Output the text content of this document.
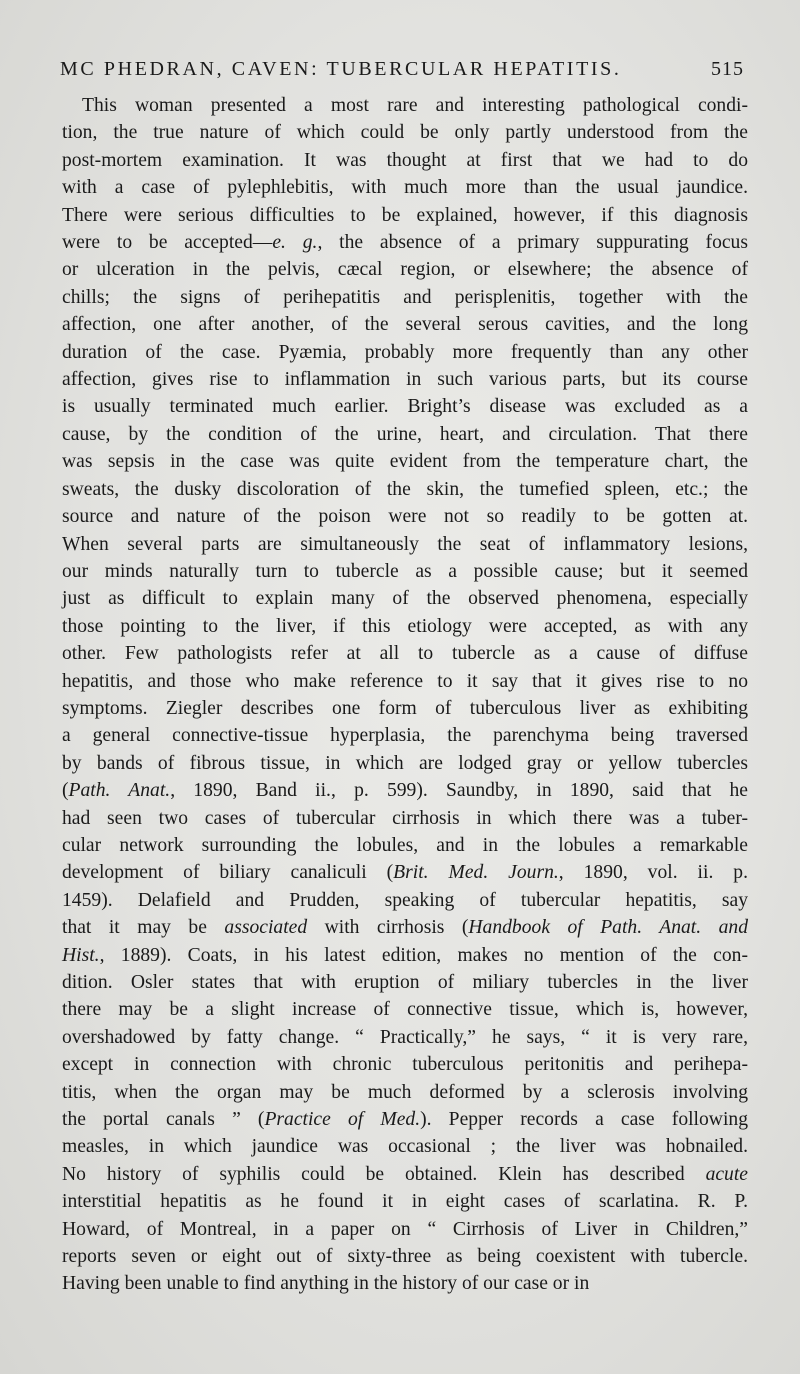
MC PHEDRAN, CAVEN: TUBERCULAR HEPATITIS.	515
This woman presented a most rare and interesting pathological condi-
tion, the true nature of which could be only partly understood from the
post-mortem examination. It was thought at first that we had to do
with a case of pylephlebitis, with much more than the usual jaundice.
There were serious difficulties to be explained, however, if this diagnosis
were to be accepted—e. g., the absence of a primary suppurating focus
or ulceration in the pelvis, cæcal region, or elsewhere; the absence of
chills; the signs of perihepatitis and perisplenitis, together with the
affection, one after another, of the several serous cavities, and the long
duration of the case. Pyæmia, probably more frequently than any other
affection, gives rise to inflammation in such various parts, but its course
is usually terminated much earlier. Bright’s disease was excluded as a
cause, by the condition of the urine, heart, and circulation. That there
was sepsis in the case was quite evident from the temperature chart, the
sweats, the dusky discoloration of the skin, the tumefied spleen, etc.; the
source and nature of the poison were not so readily to be gotten at.
When several parts are simultaneously the seat of inflammatory lesions,
our minds naturally turn to tubercle as a possible cause; but it seemed
just as difficult to explain many of the observed phenomena, especially
those pointing to the liver, if this etiology were accepted, as with any
other. Few pathologists refer at all to tubercle as a cause of diffuse
hepatitis, and those who make reference to it say that it gives rise to no
symptoms. Ziegler describes one form of tuberculous liver as exhibiting
a general connective-tissue hyperplasia, the parenchyma being traversed
by bands of fibrous tissue, in which are lodged gray or yellow tubercles
(Path. Anat., 1890, Band ii., p. 599). Saundby, in 1890, said that he
had seen two cases of tubercular cirrhosis in which there was a tuber-
cular network surrounding the lobules, and in the lobules a remarkable
development of biliary canaliculi (Brit. Med. Journ., 1890, vol. ii. p.
1459). Delafield and Prudden, speaking of tubercular hepatitis, say
that it may be associated with cirrhosis (Handbook of Path. Anat. and
Hist., 1889). Coats, in his latest edition, makes no mention of the con-
dition. Osler states that with eruption of miliary tubercles in the liver
there may be a slight increase of connective tissue, which is, however,
overshadowed by fatty change. “ Practically,” he says, “ it is very rare,
except in connection with chronic tuberculous peritonitis and perihepa-
titis, when the organ may be much deformed by a sclerosis involving
the portal canals ” (Practice of Med.). Pepper records a case following
measles, in which jaundice was occasional ; the liver was hobnailed.
No history of syphilis could be obtained. Klein has described acute
interstitial hepatitis as he found it in eight cases of scarlatina. R. P.
Howard, of Montreal, in a paper on “ Cirrhosis of Liver in Children,”
reports seven or eight out of sixty-three as being coexistent with tubercle.
Having been unable to find anything in the history of our case or in
